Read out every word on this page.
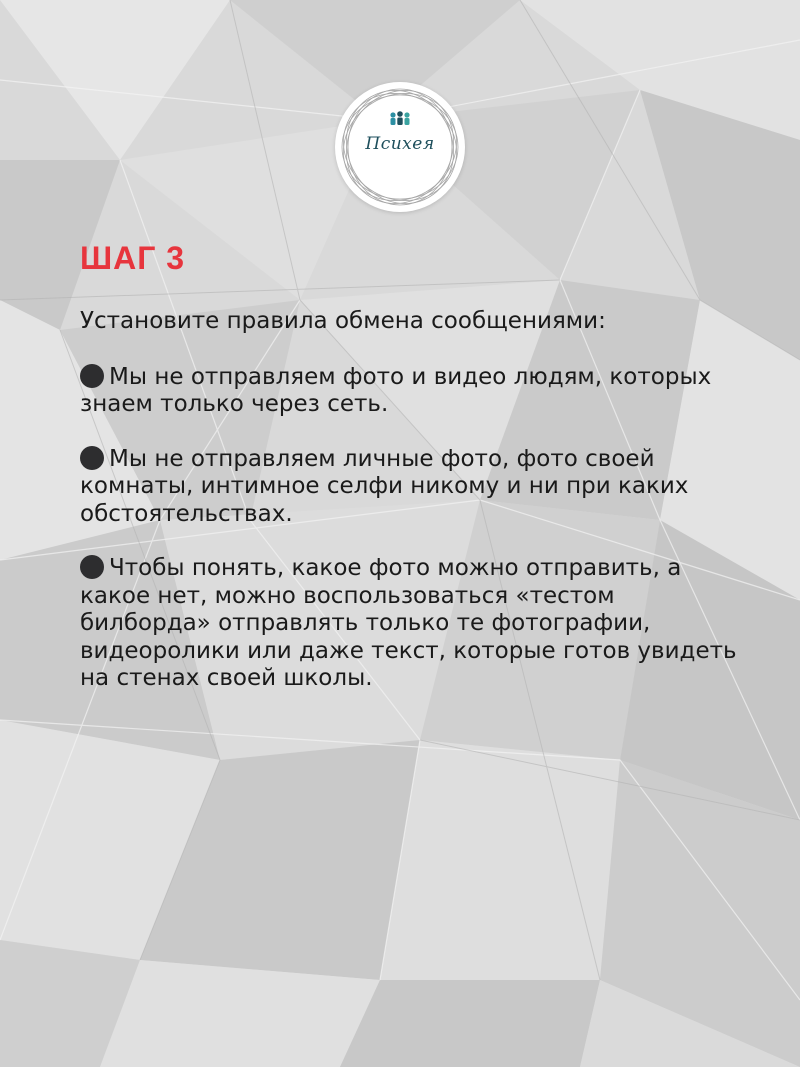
Психея
ШАГ 3
Установите правила обмена сообщениями:
Мы не отправляем фото и видео людям, которых знаем только через сеть.
Мы не отправляем личные фото, фото своей комнаты, интимное селфи никому и ни при каких обстоятельствах.
Чтобы понять, какое фото можно отправить, а какое нет, можно воспользоваться «тестом билборда» отправлять только те фотографии, видеоролики или даже текст, которые готов увидеть на стенах своей школы.
